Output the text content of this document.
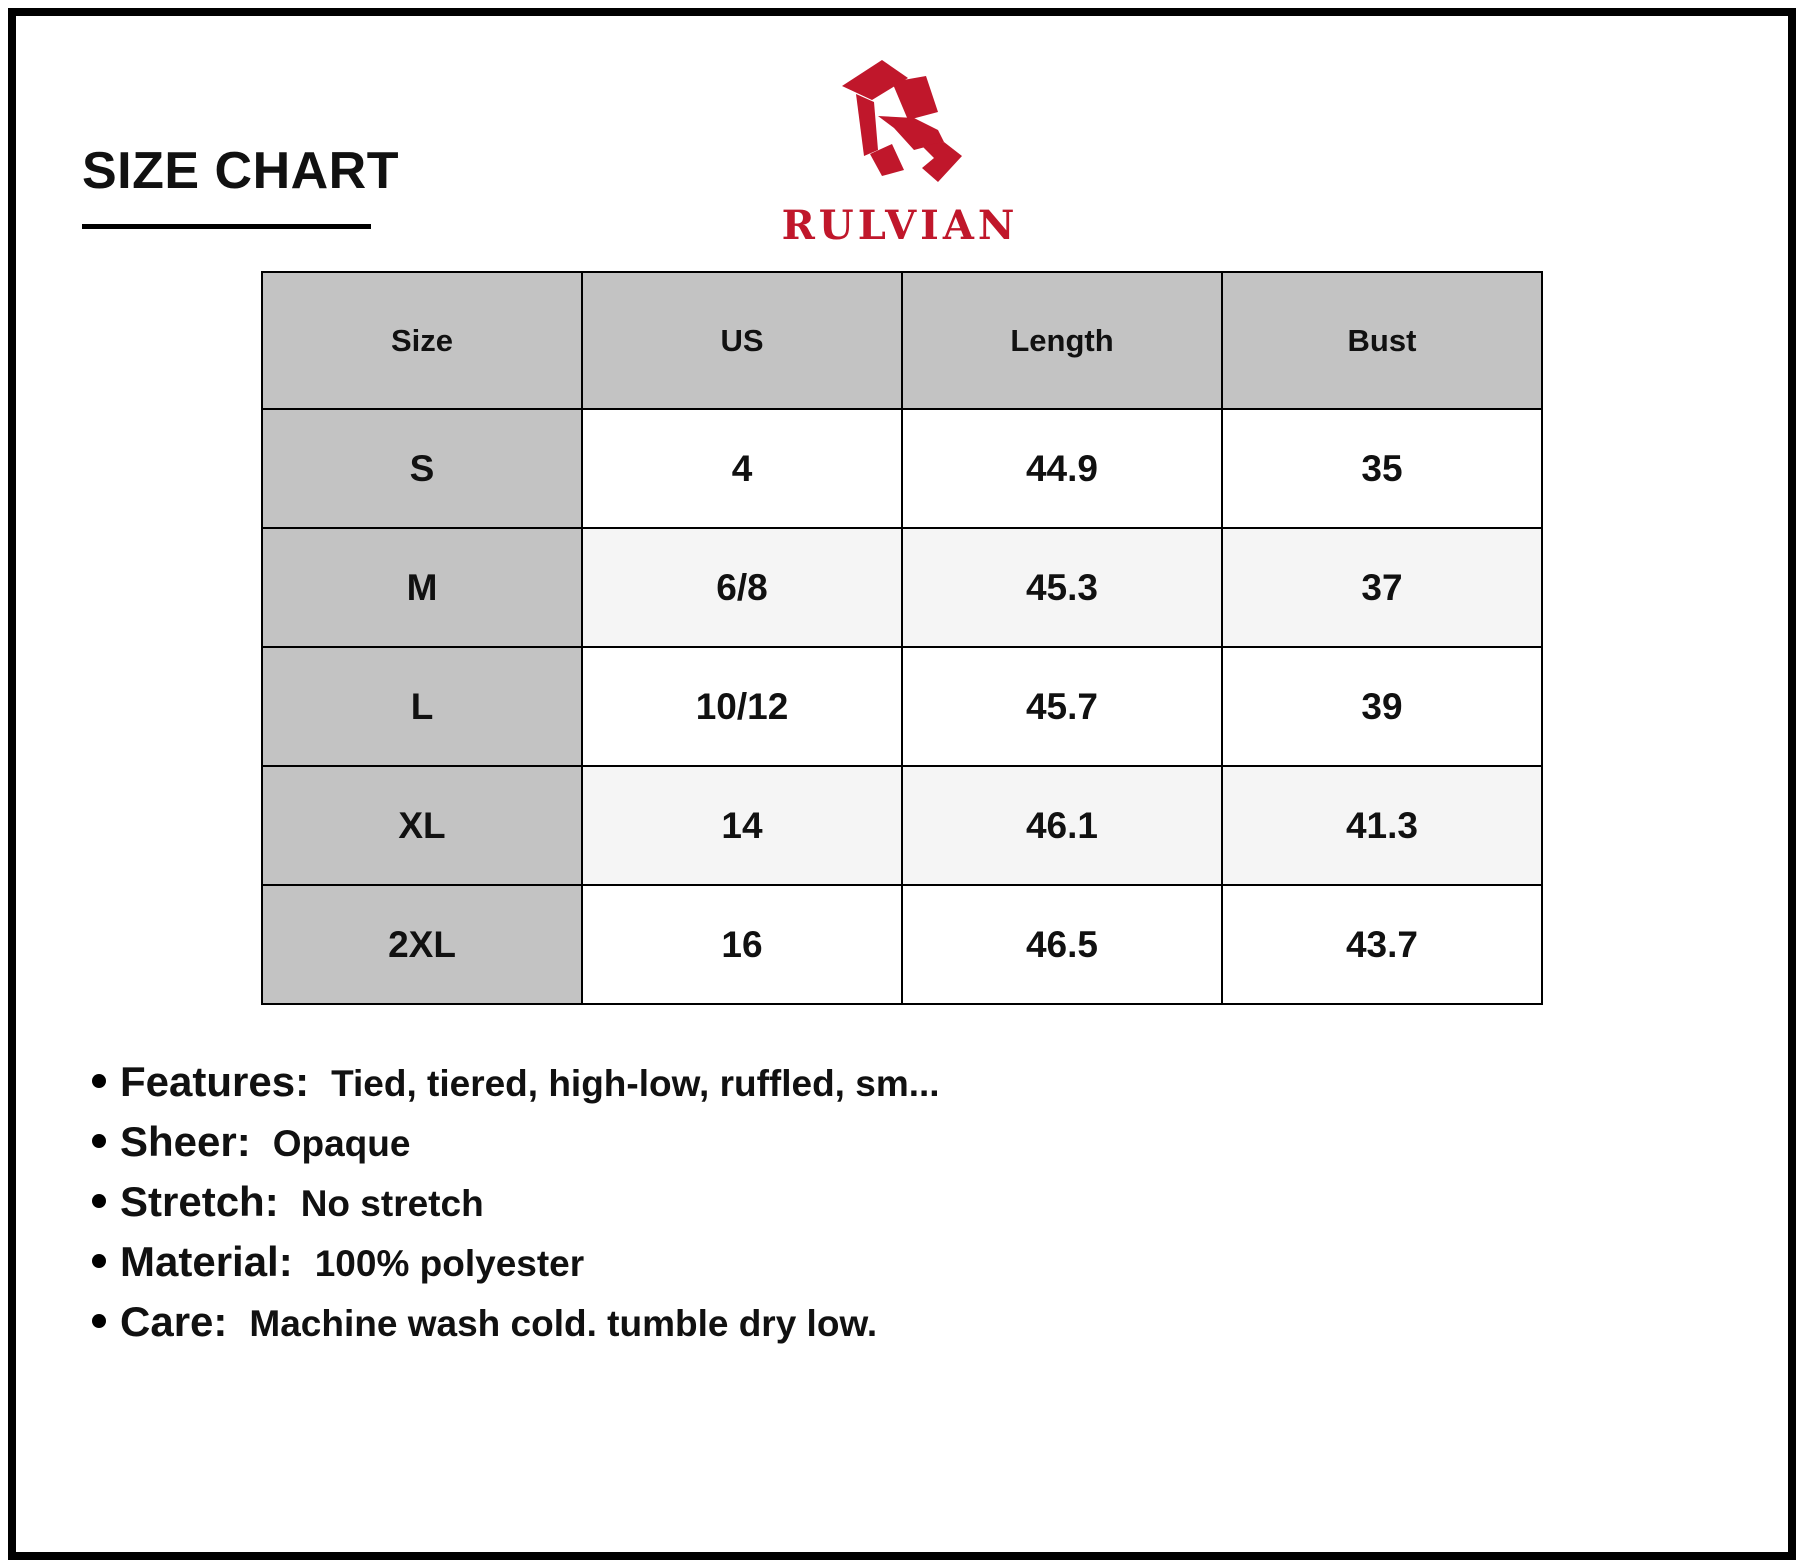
SIZE CHART
RULVIAN
Size	US	Length	Bust
S	4	44.9	35
M	6/8	45.3	37
L	10/12	45.7	39
XL	14	46.1	41.3
2XL	16	46.5	43.7
Features: Tied, tiered, high-low, ruffled, sm...
Sheer: Opaque
Stretch: No stretch
Material: 100% polyester
Care: Machine wash cold. tumble dry low.
